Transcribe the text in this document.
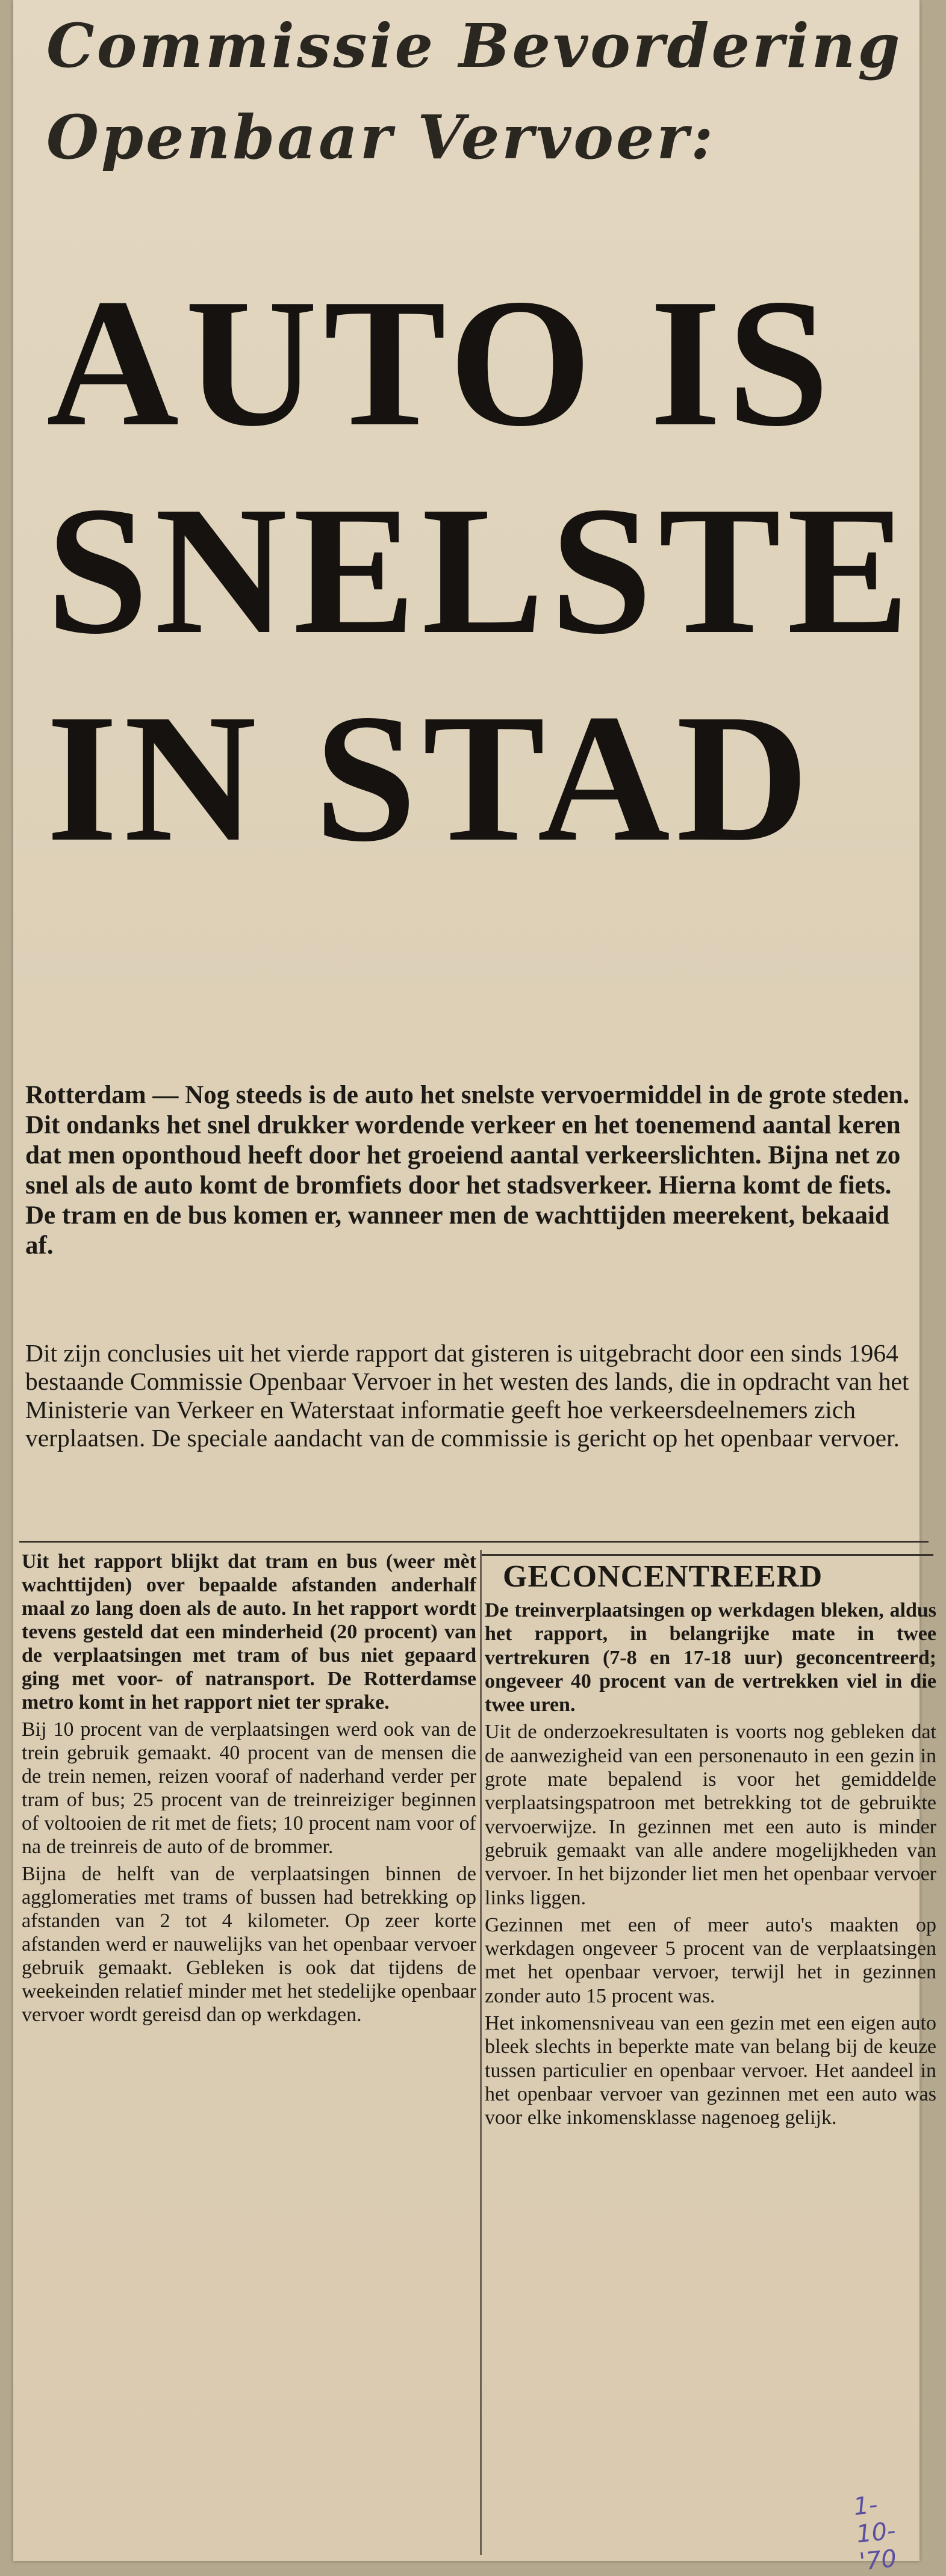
Commissie Bevordering
Openbaar Vervoer:
AUTO IS
SNELSTE
IN STAD

Rotterdam — Nog steeds is de auto het snelste vervoermiddel in de grote steden. Dit ondanks het snel drukker wordende verkeer en het toenemend aantal keren dat men oponthoud heeft door het groeiend aantal verkeerslichten. Bijna net zo snel als de auto komt de bromfiets door het stadsverkeer. Hierna komt de fiets. De tram en de bus komen er, wanneer men de wachttijden meerekent, bekaaid af.

Dit zijn conclusies uit het vierde rapport dat gisteren is uitgebracht door een sinds 1964 bestaande Commissie Openbaar Vervoer in het westen des lands, die in opdracht van het Ministerie van Verkeer en Waterstaat informatie geeft hoe verkeersdeelnemers zich verplaatsen. De speciale aandacht van de commissie is gericht op het openbaar vervoer.

Uit het rapport blijkt dat tram en bus (weer mèt wachttijden) over bepaalde afstanden anderhalf maal zo lang doen als de auto. In het rapport wordt tevens gesteld dat een minderheid (20 procent) van de verplaatsingen met tram of bus niet gepaard ging met voor- of natransport. De Rotterdamse metro komt in het rapport niet ter sprake.

Bij 10 procent van de verplaatsingen werd ook van de trein gebruik gemaakt. 40 procent van de mensen die de trein nemen, reizen vooraf of naderhand verder per tram of bus; 25 procent van de treinreiziger beginnen of voltooien de rit met de fiets; 10 procent nam voor of na de treinreis de auto of de brommer.

Bijna de helft van de verplaatsingen binnen de agglomeraties met trams of bussen had betrekking op afstanden van 2 tot 4 kilometer. Op zeer korte afstanden werd er nauwelijks van het openbaar vervoer gebruik gemaakt. Gebleken is ook dat tijdens de weekeinden relatief minder met het stedelijke openbaar vervoer wordt gereisd dan op werkdagen.

GECONCENTREERD

De treinverplaatsingen op werkdagen bleken, aldus het rapport, in belangrijke mate in twee vertrekuren (7-8 en 17-18 uur) geconcentreerd; ongeveer 40 procent van de vertrekken viel in die twee uren.

Uit de onderzoekresultaten is voorts nog gebleken dat de aanwezigheid van een personenauto in een gezin in grote mate bepalend is voor het gemiddelde verplaatsingspatroon met betrekking tot de gebruikte vervoerwijze. In gezinnen met een auto is minder gebruik gemaakt van alle andere mogelijkheden van vervoer. In het bijzonder liet men het openbaar vervoer links liggen.

Gezinnen met een of meer auto's maakten op werkdagen ongeveer 5 procent van de verplaatsingen met het openbaar vervoer, terwijl het in gezinnen zonder auto 15 procent was.

Het inkomensniveau van een gezin met een eigen auto bleek slechts in beperkte mate van belang bij de keuze tussen particulier en openbaar vervoer. Het aandeel in het openbaar vervoer van gezinnen met een auto was voor elke inkomensklasse nagenoeg gelijk.

1-10-'70
